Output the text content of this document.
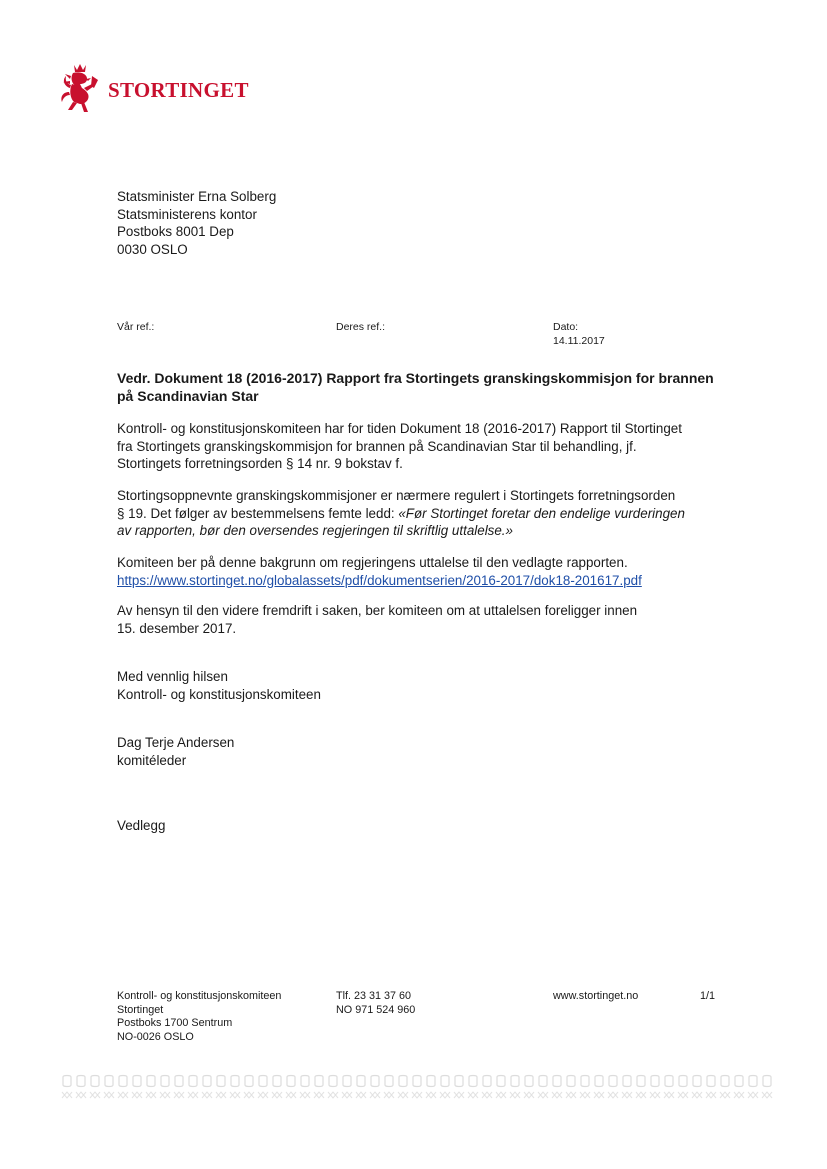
STORTINGET
Statsminister Erna Solberg
Statsministerens kontor
Postboks 8001 Dep
0030 OSLO
Vår ref.:	Deres ref.:	Dato:
14.11.2017
Vedr. Dokument 18 (2016-2017) Rapport fra Stortingets granskingskommisjon for brannen på Scandinavian Star
Kontroll- og konstitusjonskomiteen har for tiden Dokument 18 (2016-2017) Rapport til Stortinget
fra Stortingets granskingskommisjon for brannen på Scandinavian Star til behandling, jf.
Stortingets forretningsorden § 14 nr. 9 bokstav f.
Stortingsoppnevnte granskingskommisjoner er nærmere regulert i Stortingets forretningsorden
§ 19. Det følger av bestemmelsens femte ledd: «Før Stortinget foretar den endelige vurderingen
av rapporten, bør den oversendes regjeringen til skriftlig uttalelse.»
Komiteen ber på denne bakgrunn om regjeringens uttalelse til den vedlagte rapporten.
https://www.stortinget.no/globalassets/pdf/dokumentserien/2016-2017/dok18-201617.pdf
Av hensyn til den videre fremdrift i saken, ber komiteen om at uttalelsen foreligger innen
15. desember 2017.
Med vennlig hilsen
Kontroll- og konstitusjonskomiteen
Dag Terje Andersen
komitéleder
Vedlegg
Kontroll- og konstitusjonskomiteen
Stortinget
Postboks 1700 Sentrum
NO-0026 OSLO
Tlf. 23 31 37 60
NO 971 524 960
www.stortinget.no	1/1
